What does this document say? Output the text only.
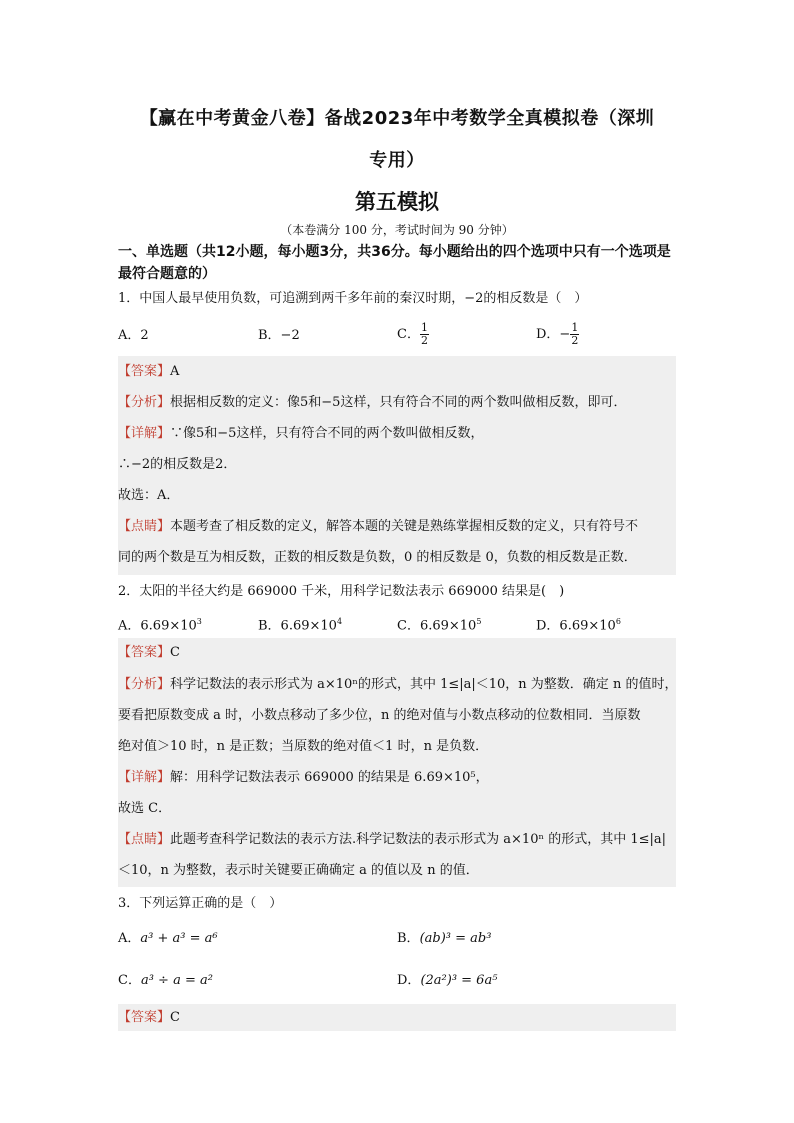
【赢在中考黄金八卷】备战2023年中考数学全真模拟卷（深圳
专用）
第五模拟
（本卷满分 100 分，考试时间为 90 分钟）
一、单选题（共12小题，每小题3分，共36分。每小题给出的四个选项中只有一个选项是最符合题意的）
1．中国人最早使用负数，可追溯到两千多年前的秦汉时期，−2的相反数是（　）
A．2	B．−2	C． $\frac{1}{2}$	D．− $\frac{1}{2}$
【答案】A
【分析】根据相反数的定义：像5和−5这样，只有符合不同的两个数叫做相反数，即可．
【详解】∵像5和−5这样，只有符合不同的两个数叫做相反数，
∴−2的相反数是2．
故选：A．
【点睛】本题考查了相反数的定义，解答本题的关键是熟练掌握相反数的定义，只有符号不
同的两个数是互为相反数，正数的相反数是负数，0 的相反数是 0，负数的相反数是正数．
2．太阳的半径大约是 669000 千米，用科学记数法表示 669000 结果是(　)
A．$6.69\times 10^3$	B．$6.69\times 10^4$	C．$6.69\times 10^5$	D．$6.69\times 10^6$
【答案】C
【分析】科学记数法的表示形式为 a×10ⁿ的形式，其中 1≤|a|＜10，n 为整数．确定 n 的值时，
要看把原数变成 a 时，小数点移动了多少位，n 的绝对值与小数点移动的位数相同．当原数
绝对值＞10 时，n 是正数；当原数的绝对值＜1 时，n 是负数．
【详解】解：用科学记数法表示 669000 的结果是 6.69×10⁵，
故选 C．
【点睛】此题考查科学记数法的表示方法.科学记数法的表示形式为 a×10ⁿ 的形式，其中 1≤|a|
＜10，n 为整数，表示时关键要正确确定 a 的值以及 n 的值．
3．下列运算正确的是（　）
A．a³ + a³ = a⁶	B．(ab)³ = ab³
C．a³ ÷ a = a²	D．(2a²)³ = 6a⁵
【答案】C
